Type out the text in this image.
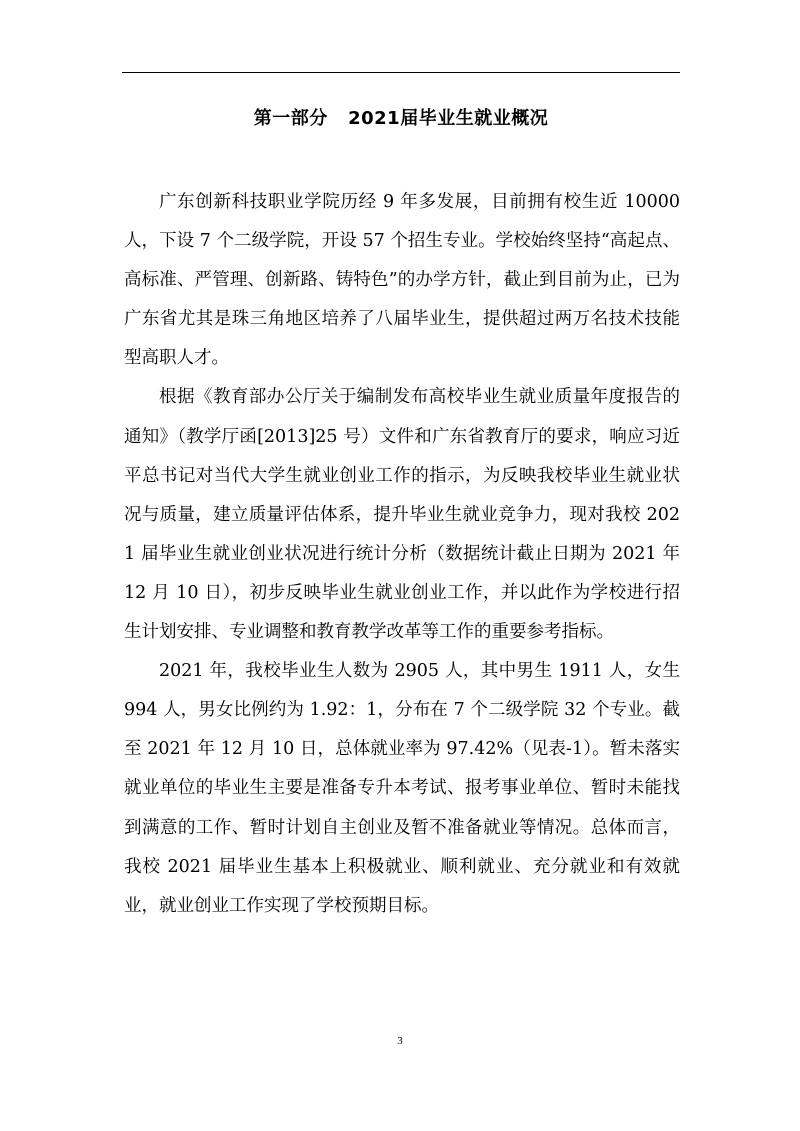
第一部分   2021届毕业生就业概况

广东创新科技职业学院历经 9 年多发展，目前拥有校生近 10000 人，下设 7 个二级学院，开设 57 个招生专业。学校始终坚持“高起点、高标准、严管理、创新路、铸特色”的办学方针，截止到目前为止，已为广东省尤其是珠三角地区培养了八届毕业生，提供超过两万名技术技能型高职人才。

根据《教育部办公厅关于编制发布高校毕业生就业质量年度报告的通知》（教学厅函[2013]25 号）文件和广东省教育厅的要求，响应习近平总书记对当代大学生就业创业工作的指示，为反映我校毕业生就业状况与质量，建立质量评估体系，提升毕业生就业竞争力，现对我校 2021 届毕业生就业创业状况进行统计分析（数据统计截止日期为 2021 年 12 月 10 日），初步反映毕业生就业创业工作，并以此作为学校进行招生计划安排、专业调整和教育教学改革等工作的重要参考指标。

2021 年，我校毕业生人数为 2905 人，其中男生 1911 人，女生 994 人，男女比例约为 1.92：1，分布在 7 个二级学院 32 个专业。截至 2021 年 12 月 10 日，总体就业率为 97.42%（见表-1）。暂未落实就业单位的毕业生主要是准备专升本考试、报考事业单位、暂时未能找到满意的工作、暂时计划自主创业及暂不准备就业等情况。总体而言，我校 2021 届毕业生基本上积极就业、顺利就业、充分就业和有效就业，就业创业工作实现了学校预期目标。

3
